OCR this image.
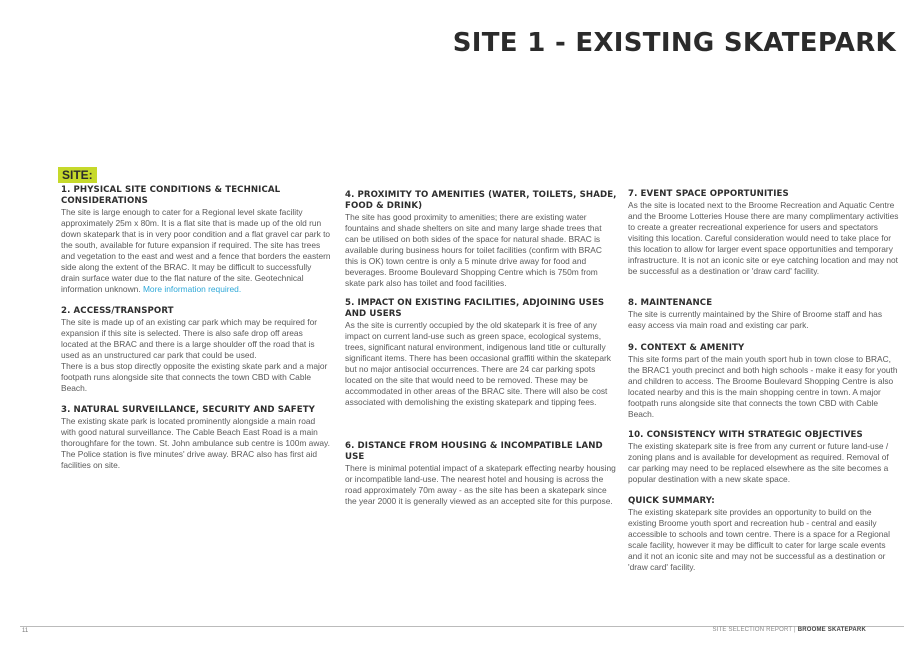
SITE 1 - EXISTING SKATEPARK
SITE:
1. PHYSICAL SITE CONDITIONS & TECHNICAL CONSIDERATIONS

The site is large enough to cater for a Regional level skate facility approximately 25m x 80m. It is a flat site that is made up of the old run down skatepark that is in very poor condition and a flat gravel car park to the south, available for future expansion if required. The site has trees and vegetation to the east and west and a fence that borders the eastern side along the extent of the BRAC. It may be difficult to successfully drain surface water due to the flat nature of the site. Geotechnical information unknown. More information required.

2. ACCESS/TRANSPORT

The site is made up of an existing car park which may be required for expansion if this site is selected. There is also safe drop off areas located at the BRAC and there is a large shoulder off the road that is used as an unstructured car park that could be used.

There is a bus stop directly opposite the existing skate park and a major footpath runs alongside site that connects the town CBD with Cable Beach.

3. NATURAL SURVEILLANCE, SECURITY AND SAFETY

The existing skate park is located prominently alongside a main road with good natural surveillance. The Cable Beach East Road is a main thoroughfare for the town. St. John ambulance sub centre is 100m away. The Police station is five minutes' drive away. BRAC also has first aid facilities on site.

4. PROXIMITY TO AMENITIES (WATER, TOILETS, SHADE, FOOD & DRINK)

The site has good proximity to amenities; there are existing water fountains and shade shelters on site and many large shade trees that can be utilised on both sides of the space for natural shade. BRAC is available during business hours for toilet facilities (confirm with BRAC this is OK) town centre is only a 5 minute drive away for food and beverages. Broome Boulevard Shopping Centre which is 750m from skate park also has toilet and food facilities.

5. IMPACT ON EXISTING FACILITIES, ADJOINING USES AND USERS

As the site is currently occupied by the old skatepark it is free of any impact on current land-use such as green space, ecological systems, trees, significant natural environment, indigenous land title or culturally significant items. There has been occasional graffiti within the skatepark but no major antisocial occurrences. There are 24 car parking spots located on the site that would need to be removed. These may be accommodated in other areas of the BRAC site. There will also be cost associated with demolishing the existing skatepark and tipping fees.

6. DISTANCE FROM HOUSING & INCOMPATIBLE LAND USE

There is minimal potential impact of a skatepark effecting nearby housing or incompatible land-use. The nearest hotel and housing is across the road approximately 70m away - as the site has been a skatepark since the year 2000 it is generally viewed as an accepted site for this purpose.

7. EVENT SPACE OPPORTUNITIES

As the site is located next to the Broome Recreation and Aquatic Centre and the Broome Lotteries House there are many complimentary activities to create a greater recreational experience for users and spectators visiting this location. Careful consideration would need to take place for this location to allow for larger event space opportunities and temporary infrastructure. It is not an iconic site or eye catching location and may not be successful as a destination or 'draw card' facility.

8. MAINTENANCE

The site is currently maintained by the Shire of Broome staff and has easy access via main road and existing car park.

9. CONTEXT & AMENITY

This site forms part of the main youth sport hub in town close to BRAC, the BRAC1 youth precinct and both high schools - make it easy for youth and children to access. The Broome Boulevard Shopping Centre is also located nearby and this is the main shopping centre in town. A major footpath runs alongside site that connects the town CBD with Cable Beach.

10. CONSISTENCY WITH STRATEGIC OBJECTIVES

The existing skatepark site is free from any current or future land-use / zoning plans and is available for development as required. Removal of car parking may need to be replaced elsewhere as the site becomes a popular destination with a new skate space.

QUICK SUMMARY:

The existing skatepark site provides an opportunity to build on the existing Broome youth sport and recreation hub - central and easily accessible to schools and town centre. There is a space for a Regional scale facility, however it may be difficult to cater for large scale events and it not an iconic site and may not be successful as a destination or 'draw card' facility.

11	SITE SELECTION REPORT | BROOME SKATEPARK
